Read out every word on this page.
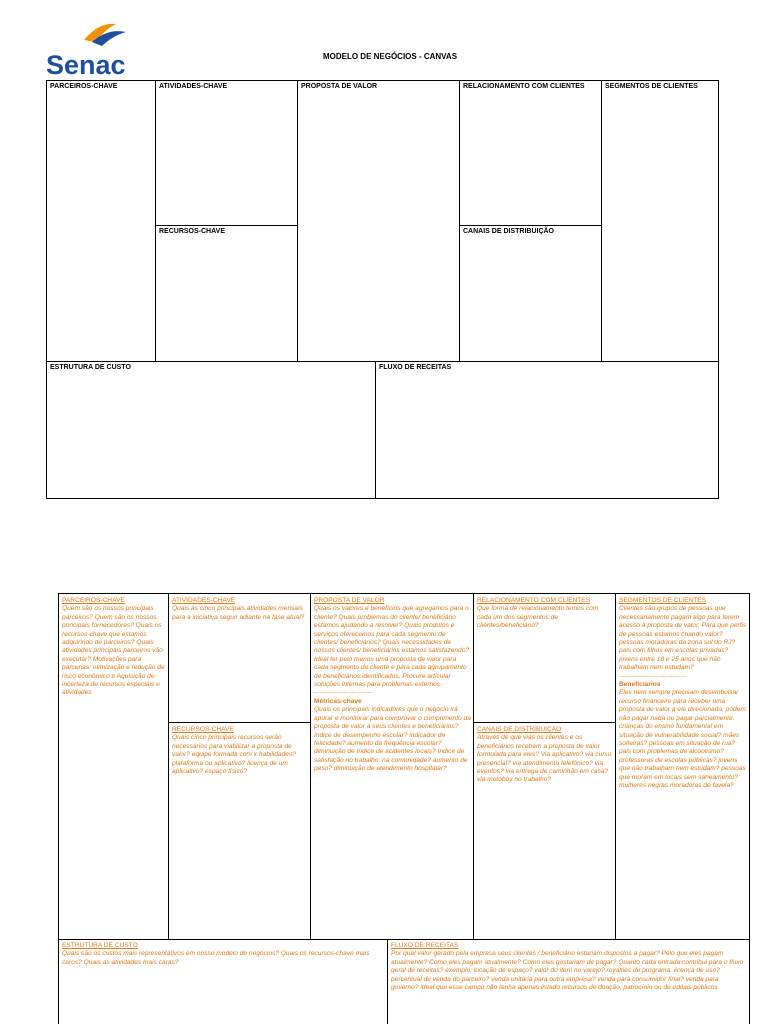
Senac	MODELO DE NEGÓCIOS - CANVAS
PARCEIROS-CHAVE	ATIVIDADES-CHAVE	PROPOSTA DE VALOR	RELACIONAMENTO COM CLIENTES	SEGMENTOS DE CLIENTES
RECURSOS-CHAVE	CANAIS DE DISTRIBUIÇÃO
ESTRUTURA DE CUSTO	FLUXO DE RECEITAS
PARCEIROS-CHAVE
Quem são os nossos principais parceiros? Quem são os nossos principais fornecedores? Quais os recursos-chave que estamos adquirindo de parceiros? Quais atividades principais parceiros vão executar? Motivações para parcerias: otimização e redução de risco econômico e Aquisição de incerteza de recursos especiais e atividades
ATIVIDADES-CHAVE
Quais as cinco principais atividades mensais para a iniciativa seguir adiante na fase atual?
RECURSOS-CHAVE
Quais cinco principais recursos serão necessários para viabilizar a proposta de valor? equipe formada com x habilidades? plataforma ou aplicativo? licença de um aplicativo? espaço físico?
PROPOSTA DE VALOR
Quais os valores e benefícios que agregamos para o cliente? Quais problemas do cliente/ beneficiário estamos ajudando a resolver? Quais produtos e serviços oferecemos para cada segmento de clientes/ beneficiários? Quais necessidades de nossos clientes/ beneficiários estamos satisfazendo? Ideal ter pelo menos uma proposta de valor para cada segmento de cliente e para cada agrupamento de beneficiários identificados. Procure articular soluções internas para problemas externos.
----------------------
Métricas-chave
Quais os principais indicadores que o negócio irá apurar e monitorar para comprovar o cumprimento da proposta de valor a seus clientes e beneficiários? índice de desempenho escolar? indicador de felicidade? aumento da frequência escolar? diminuição de índice de acidentes locais? índice de satisfação no trabalho, na comunidade? aumento de peso? diminuição de atendimento hospitalar?
RELACIONAMENTO COM CLIENTES
Que forma de relacionamento temos com cada um dos segmentos de clientes/beneficiário?
CANAIS DE DISTRIBUIÇÃO
Através de que vias os clientes e os beneficiários recebem a proposta de valor formulada para eles? Via aplicativo? via curso presencial? via atendimento telefônico? via eventos? via entrega de caminhão em casa? via motoboy no trabalho?
SEGMENTOS DE CLIENTES
Clientes são grupos de pessoas que necessariamente pagam algo para terem acesso à proposta de valor. Para que perfis de pessoas estamos criando valor? pessoas moradoras da zona sul do RJ? pais com filhos em escolas privadas? jovens entre 18 e 25 anos que não trabalham nem estudam?
-------------------------
Beneficiários
Eles nem sempre precisam desembolsar recurso financeiro para receber uma proposta de valor a ele direcionada; podem não pagar nada ou pagar parcialmente. crianças do ensino fundamental em situação de vulnerabilidade social? mães solteiras? pessoas em situação de rua? pais com problemas de alcoolismo? professoras de escolas públicas? jovens que não trabalham nem estudam? pessoas que moram em locais sem saneamento? mulheres negras moradoras de favela?
ESTRUTURA DE CUSTO
Quais são os custos mais representativos em nosso modelo de negócios? Quais os recursos-chave mais caros? Quais as atividades mais caras?
FLUXO DE RECEITAS
Por qual valor gerado pela empresa seus clientes / beneficiário estariam dispostos a pagar? Pelo que eles pagam atualmente? Como eles pagam atualmente? Como eles gostariam de pagar? Quanto cada entrada contribui para o fluxo geral de receitas? exemplo: locação de espaço? valor do item no varejo? royalties de programa, licença de uso? percentual de venda do parceiro? venda unitária para outra empresa? venda para consumidor final? venda para governo? ideal que esse campo não tenha apenas listado recursos de doação, patrocínio ou de editais públicos.
